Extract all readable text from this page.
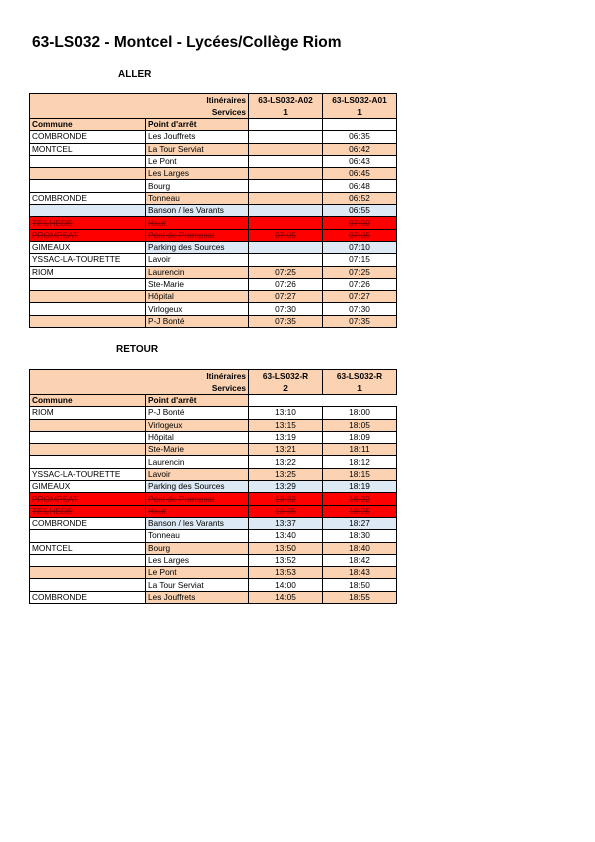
63-LS032 - Montcel - Lycées/Collège Riom
ALLER
Itinéraires		63-LS032-A02	63-LS032-A01
Services		1	1
Commune	Point d'arrêt		
COMBRONDE	Les Jouffrets		06:35
MONTCEL	La Tour Serviat		06:42
	Le Pont		06:43
	Les Larges		06:45
	Bourg		06:48
COMBRONDE	Tonneau		06:52
	Banson / les Varants		06:55
TEILHEDE	Haut		07:00
PROMPSAT	Pont de Prompsat	07:05	07:05
GIMEAUX	Parking des Sources		07:10
YSSAC-LA-TOURETTE	Lavoir		07:15
RIOM	Laurencin	07:25	07:25
	Ste-Marie	07:26	07:26
	Hôpital	07:27	07:27
	Virlogeux	07:30	07:30
	P-J Bonté	07:35	07:35
RETOUR
Itinéraires		63-LS032-R	63-LS032-R
Services		2	1
Commune	Point d'arrêt		
RIOM	P-J Bonté	13:10	18:00
	Virlogeux	13:15	18:05
	Hôpital	13:19	18:09
	Ste-Marie	13:21	18:11
	Laurencin	13:22	18:12
YSSAC-LA-TOURETTE	Lavoir	13:25	18:15
GIMEAUX	Parking des Sources	13:29	18:19
PROMPSAT	Pont de Prompsat	13:32	18:22
TEILHEDE	Haut	13:35	18:25
COMBRONDE	Banson / les Varants	13:37	18:27
	Tonneau	13:40	18:30
MONTCEL	Bourg	13:50	18:40
	Les Larges	13:52	18:42
	Le Pont	13:53	18:43
	La Tour Serviat	14:00	18:50
COMBRONDE	Les Jouffrets	14:05	18:55
